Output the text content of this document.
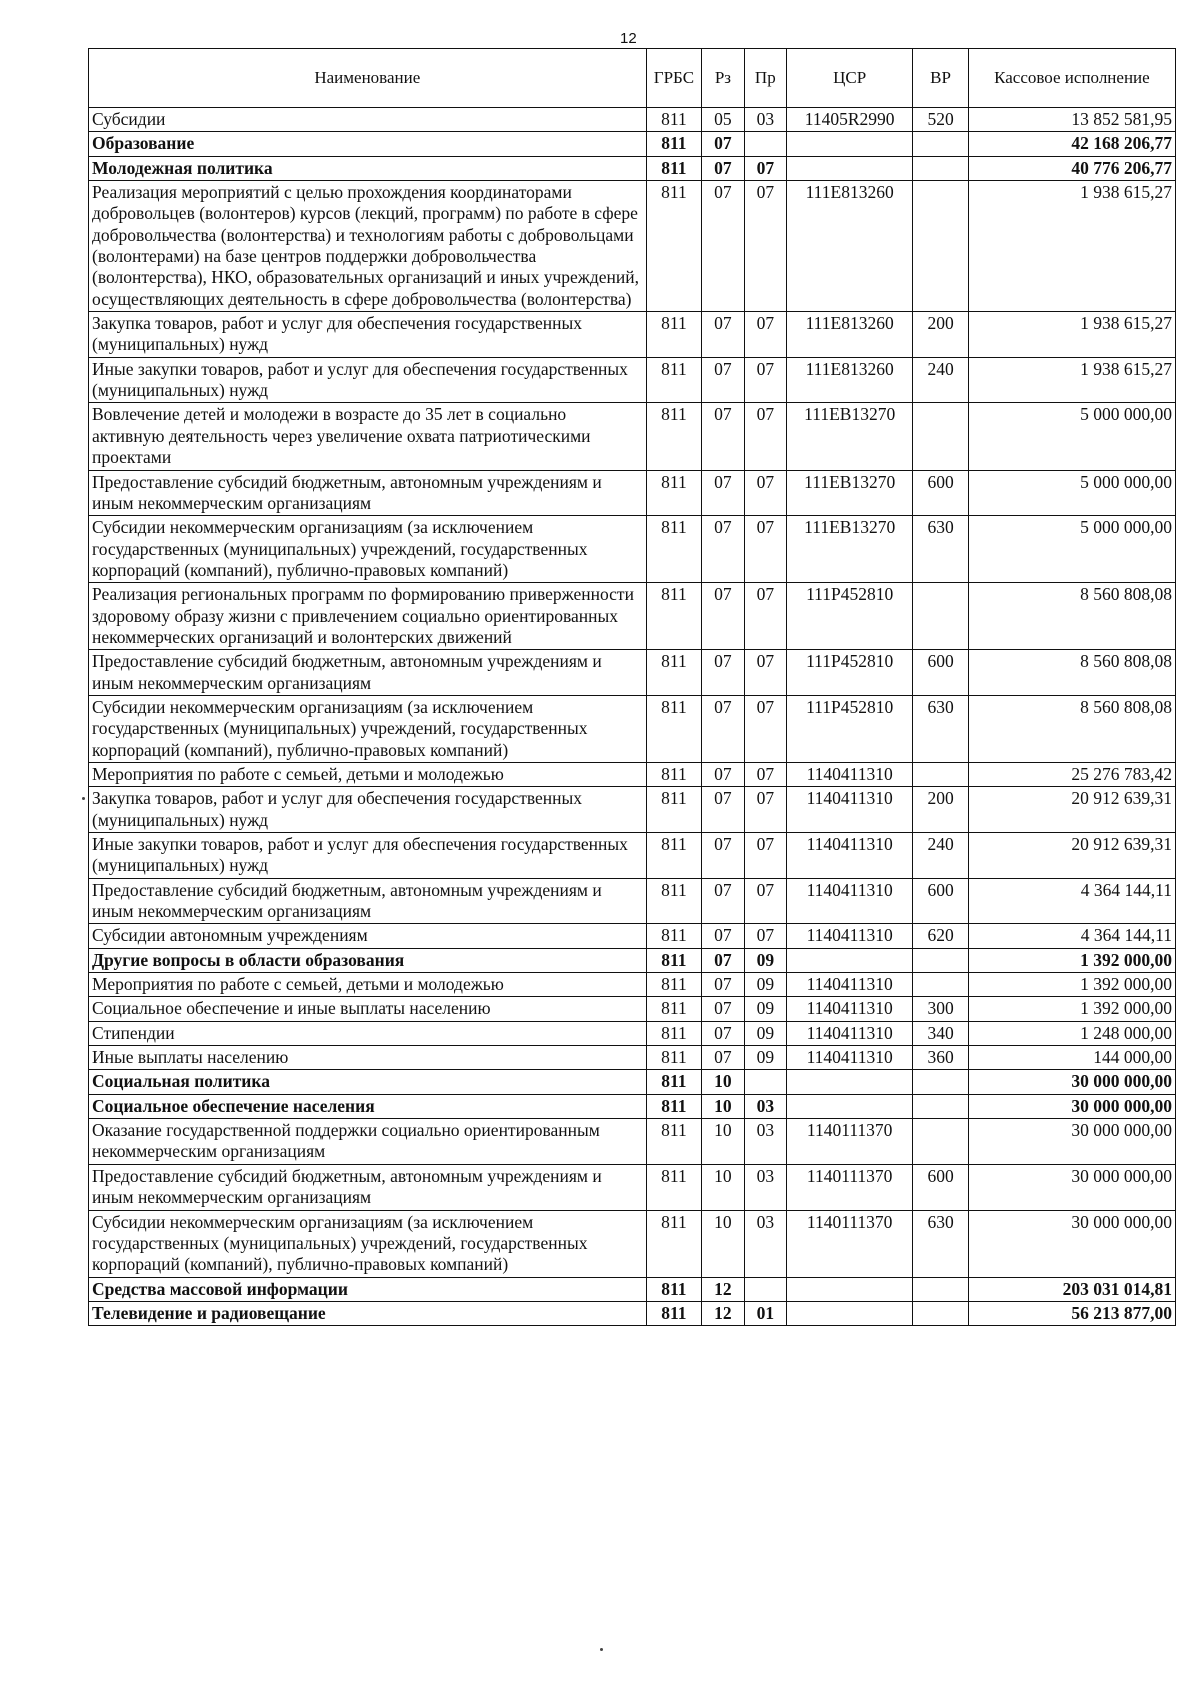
12
Наименование	ГРБС	Рз	Пр	ЦСР	ВР	Кассовое исполнение
Субсидии	811	05	03	11405R2990	520	13 852 581,95
Образование	811	07				42 168 206,77
Молодежная политика	811	07	07			40 776 206,77
Реализация мероприятий с целью прохождения координаторами добровольцев (волонтеров) курсов (лекций, программ) по работе в сфере добровольчества (волонтерства) и технологиям работы с добровольцами (волонтерами) на базе центров поддержки добровольчества (волонтерства), НКО, образовательных организаций и иных учреждений, осуществляющих деятельность в сфере добровольчества (волонтерства)	811	07	07	111E813260		1 938 615,27
Закупка товаров, работ и услуг для обеспечения государственных (муниципальных) нужд	811	07	07	111E813260	200	1 938 615,27
Иные закупки товаров, работ и услуг для обеспечения государственных (муниципальных) нужд	811	07	07	111E813260	240	1 938 615,27
Вовлечение детей и молодежи в возрасте до 35 лет в социально активную деятельность через увеличение охвата патриотическими проектами	811	07	07	111EB13270		5 000 000,00
Предоставление субсидий бюджетным, автономным учреждениям и иным некоммерческим организациям	811	07	07	111EB13270	600	5 000 000,00
Субсидии некоммерческим организациям (за исключением государственных (муниципальных) учреждений, государственных корпораций (компаний), публично-правовых компаний)	811	07	07	111EB13270	630	5 000 000,00
Реализация региональных программ по формированию приверженности здоровому образу жизни с привлечением социально ориентированных некоммерческих организаций и волонтерских движений	811	07	07	111P452810		8 560 808,08
Предоставление субсидий бюджетным, автономным учреждениям и иным некоммерческим организациям	811	07	07	111P452810	600	8 560 808,08
Субсидии некоммерческим организациям (за исключением государственных (муниципальных) учреждений, государственных корпораций (компаний), публично-правовых компаний)	811	07	07	111P452810	630	8 560 808,08
Мероприятия по работе с семьей, детьми и молодежью	811	07	07	1140411310		25 276 783,42
Закупка товаров, работ и услуг для обеспечения государственных (муниципальных) нужд	811	07	07	1140411310	200	20 912 639,31
Иные закупки товаров, работ и услуг для обеспечения государственных (муниципальных) нужд	811	07	07	1140411310	240	20 912 639,31
Предоставление субсидий бюджетным, автономным учреждениям и иным некоммерческим организациям	811	07	07	1140411310	600	4 364 144,11
Субсидии автономным учреждениям	811	07	07	1140411310	620	4 364 144,11
Другие вопросы в области образования	811	07	09			1 392 000,00
Мероприятия по работе с семьей, детьми и молодежью	811	07	09	1140411310		1 392 000,00
Социальное обеспечение и иные выплаты населению	811	07	09	1140411310	300	1 392 000,00
Стипендии	811	07	09	1140411310	340	1 248 000,00
Иные выплаты населению	811	07	09	1140411310	360	144 000,00
Социальная политика	811	10				30 000 000,00
Социальное обеспечение населения	811	10	03			30 000 000,00
Оказание государственной поддержки социально ориентированным некоммерческим организациям	811	10	03	1140111370		30 000 000,00
Предоставление субсидий бюджетным, автономным учреждениям и иным некоммерческим организациям	811	10	03	1140111370	600	30 000 000,00
Субсидии некоммерческим организациям (за исключением государственных (муниципальных) учреждений, государственных корпораций (компаний), публично-правовых компаний)	811	10	03	1140111370	630	30 000 000,00
Средства массовой информации	811	12				203 031 014,81
Телевидение и радиовещание	811	12	01			56 213 877,00
